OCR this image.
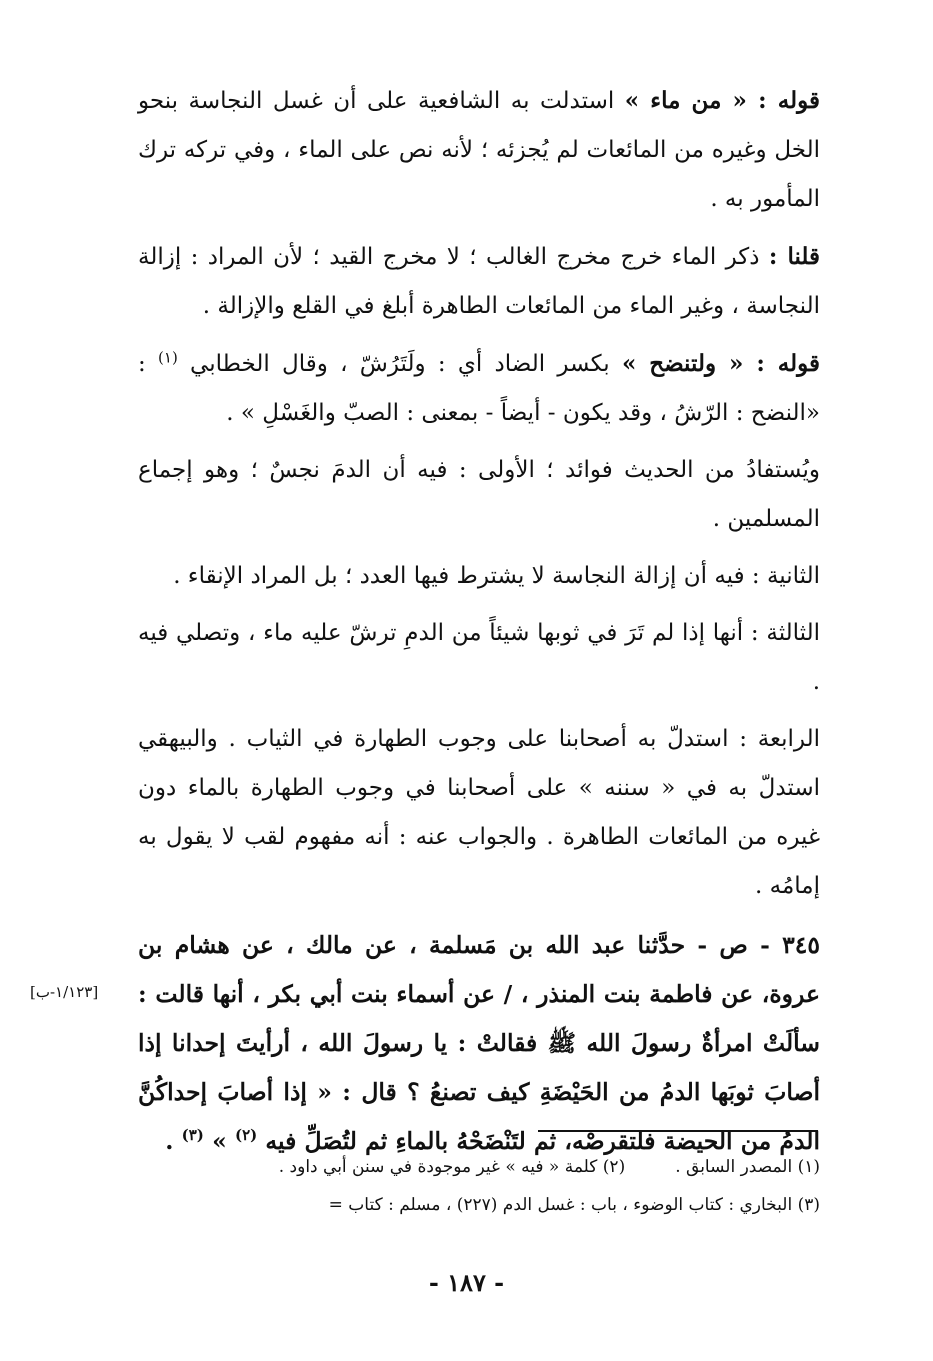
قوله : « من ماء » استدلت به الشافعية على أن غسل النجاسة بنحو الخل وغيره من المائعات لم يُجزئه ؛ لأنه نص على الماء ، وفي تركه ترك المأمور به .

قلنا : ذكر الماء خرج مخرج الغالب ؛ لا مخرج القيد ؛ لأن المراد : إزالة النجاسة ، وغير الماء من المائعات الطاهرة أبلغ في القلع والإزالة .

قوله : « ولتنضح » بكسر الضاد أي : ولَتَرُشّ ، وقال الخطابي $^{(١)}$ : «النضح : الرّشُ ، وقد يكون - أيضاً - بمعنى : الصبّ والغَسْلِ » .

ويُستفادُ من الحديث فوائد ؛ الأولى : فيه أن الدمَ نجسٌ ؛ وهو إجماع المسلمين .

الثانية : فيه أن إزالة النجاسة لا يشترط فيها العدد ؛ بل المراد الإنقاء .

الثالثة : أنها إذا لم تَرَ في ثوبها شيئاً من الدمِ ترشّ عليه ماء ، وتصلي فيه .

الرابعة : استدلّ به أصحابنا على وجوب الطهارة في الثياب . والبيهقي استدلّ به في « سننه » على أصحابنا في وجوب الطهارة بالماء دون غيره من المائعات الطاهرة . والجواب عنه : أنه مفهوم لقب لا يقول به إمامُه .

[١/١٢٣-ب]
٣٤٥ - ص - حدَّثنا عبد الله بن مَسلمة ، عن مالك ، عن هشام بن عروة، عن فاطمة بنت المنذر ، / عن أسماء بنت أبي بكر ، أنها قالت : سألَتْ امرأةٌ رسولَ الله ﷺ فقالتْ : يا رسولَ الله ، أرأيتَ إحدانا إذا أصابَ ثوبَها الدمُ من الحَيْضَةِ كيف تصنعُ ؟ قال : « إذا أصابَ إحداكُنَّ الدمُ من الحيضة فلتقرصْه، ثم لتَنْضَحْهُ بالماءِ ثم لتُصَلِّ فيه $^{(٢)}$ » $^{(٣)}$ .

(١) المصدر السابق .
(٢) كلمة « فيه » غير موجودة في سنن أبي داود .
(٣) البخاري : كتاب الوضوء ، باب : غسل الدم (٢٢٧) ، مسلم : كتاب =
- ١٨٧ -
